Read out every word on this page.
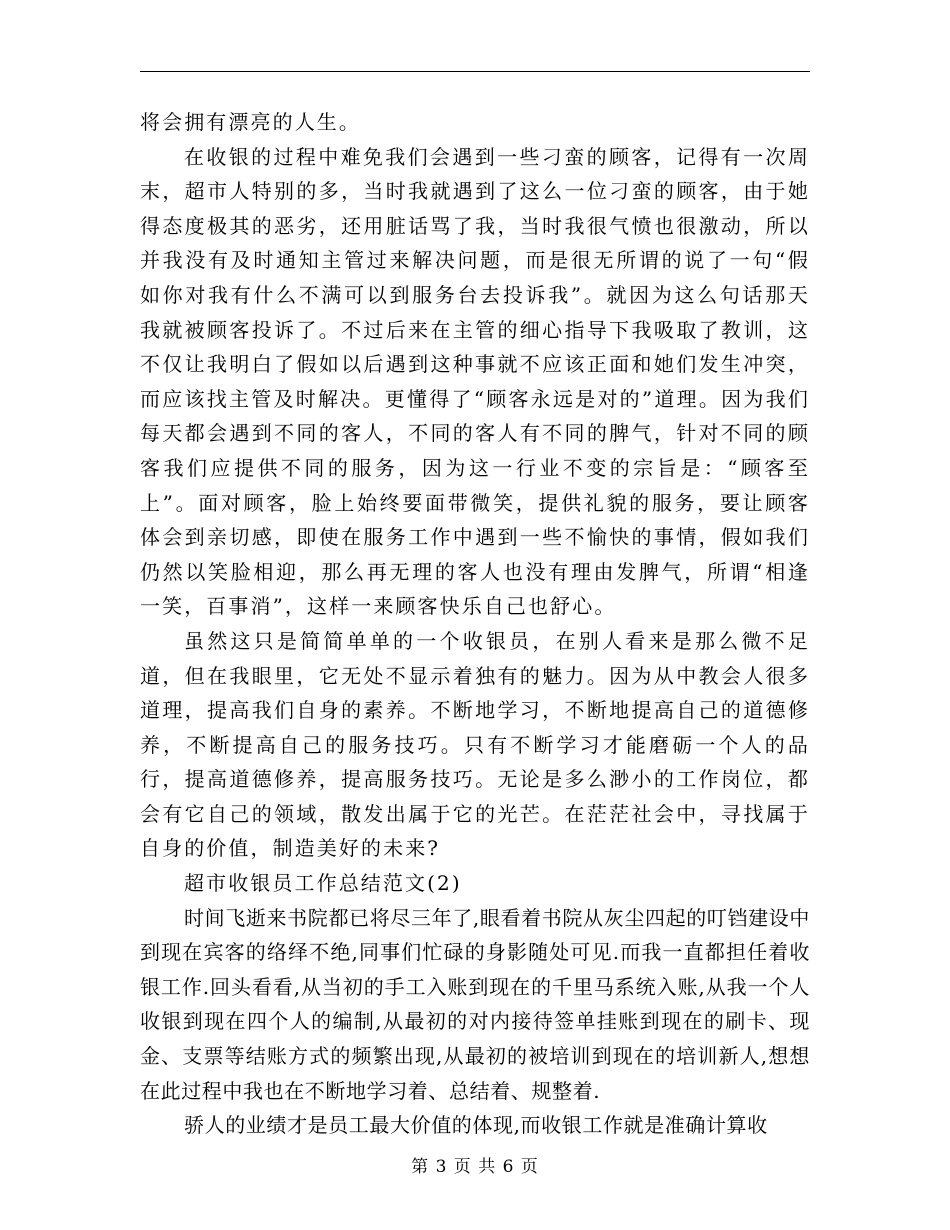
将会拥有漂亮的人生。

在收银的过程中难免我们会遇到一些刁蛮的顾客，记得有一次周末，超市人特别的多，当时我就遇到了这么一位刁蛮的顾客，由于她得态度极其的恶劣，还用脏话骂了我，当时我很气愤也很激动，所以并我没有及时通知主管过来解决问题，而是很无所谓的说了一句“假如你对我有什么不满可以到服务台去投诉我”。就因为这么句话那天我就被顾客投诉了。不过后来在主管的细心指导下我吸取了教训，这不仅让我明白了假如以后遇到这种事就不应该正面和她们发生冲突，而应该找主管及时解决。更懂得了“顾客永远是对的”道理。因为我们每天都会遇到不同的客人，不同的客人有不同的脾气，针对不同的顾客我们应提供不同的服务，因为这一行业不变的宗旨是：“顾客至上”。面对顾客，脸上始终要面带微笑，提供礼貌的服务，要让顾客体会到亲切感，即使在服务工作中遇到一些不愉快的事情，假如我们仍然以笑脸相迎，那么再无理的客人也没有理由发脾气，所谓“相逢一笑，百事消”，这样一来顾客快乐自己也舒心。

虽然这只是简简单单的一个收银员，在别人看来是那么微不足道，但在我眼里，它无处不显示着独有的魅力。因为从中教会人很多道理，提高我们自身的素养。不断地学习，不断地提高自己的道德修养，不断提高自己的服务技巧。只有不断学习才能磨砺一个人的品行，提高道德修养，提高服务技巧。无论是多么渺小的工作岗位，都会有它自己的领域，散发出属于它的光芒。在茫茫社会中，寻找属于自身的价值，制造美好的未来?

超市收银员工作总结范文(2)

时间飞逝来书院都已将尽三年了,眼看着书院从灰尘四起的叮铛建设中到现在宾客的络绎不绝,同事们忙碌的身影随处可见.而我一直都担任着收银工作.回头看看,从当初的手工入账到现在的千里马系统入账,从我一个人收银到现在四个人的编制,从最初的对内接待签单挂账到现在的刷卡、现金、支票等结账方式的频繁出现,从最初的被培训到现在的培训新人,想想在此过程中我也在不断地学习着、总结着、规整着.

骄人的业绩才是员工最大价值的体现,而收银工作就是准确计算收

第 3 页 共 6 页
